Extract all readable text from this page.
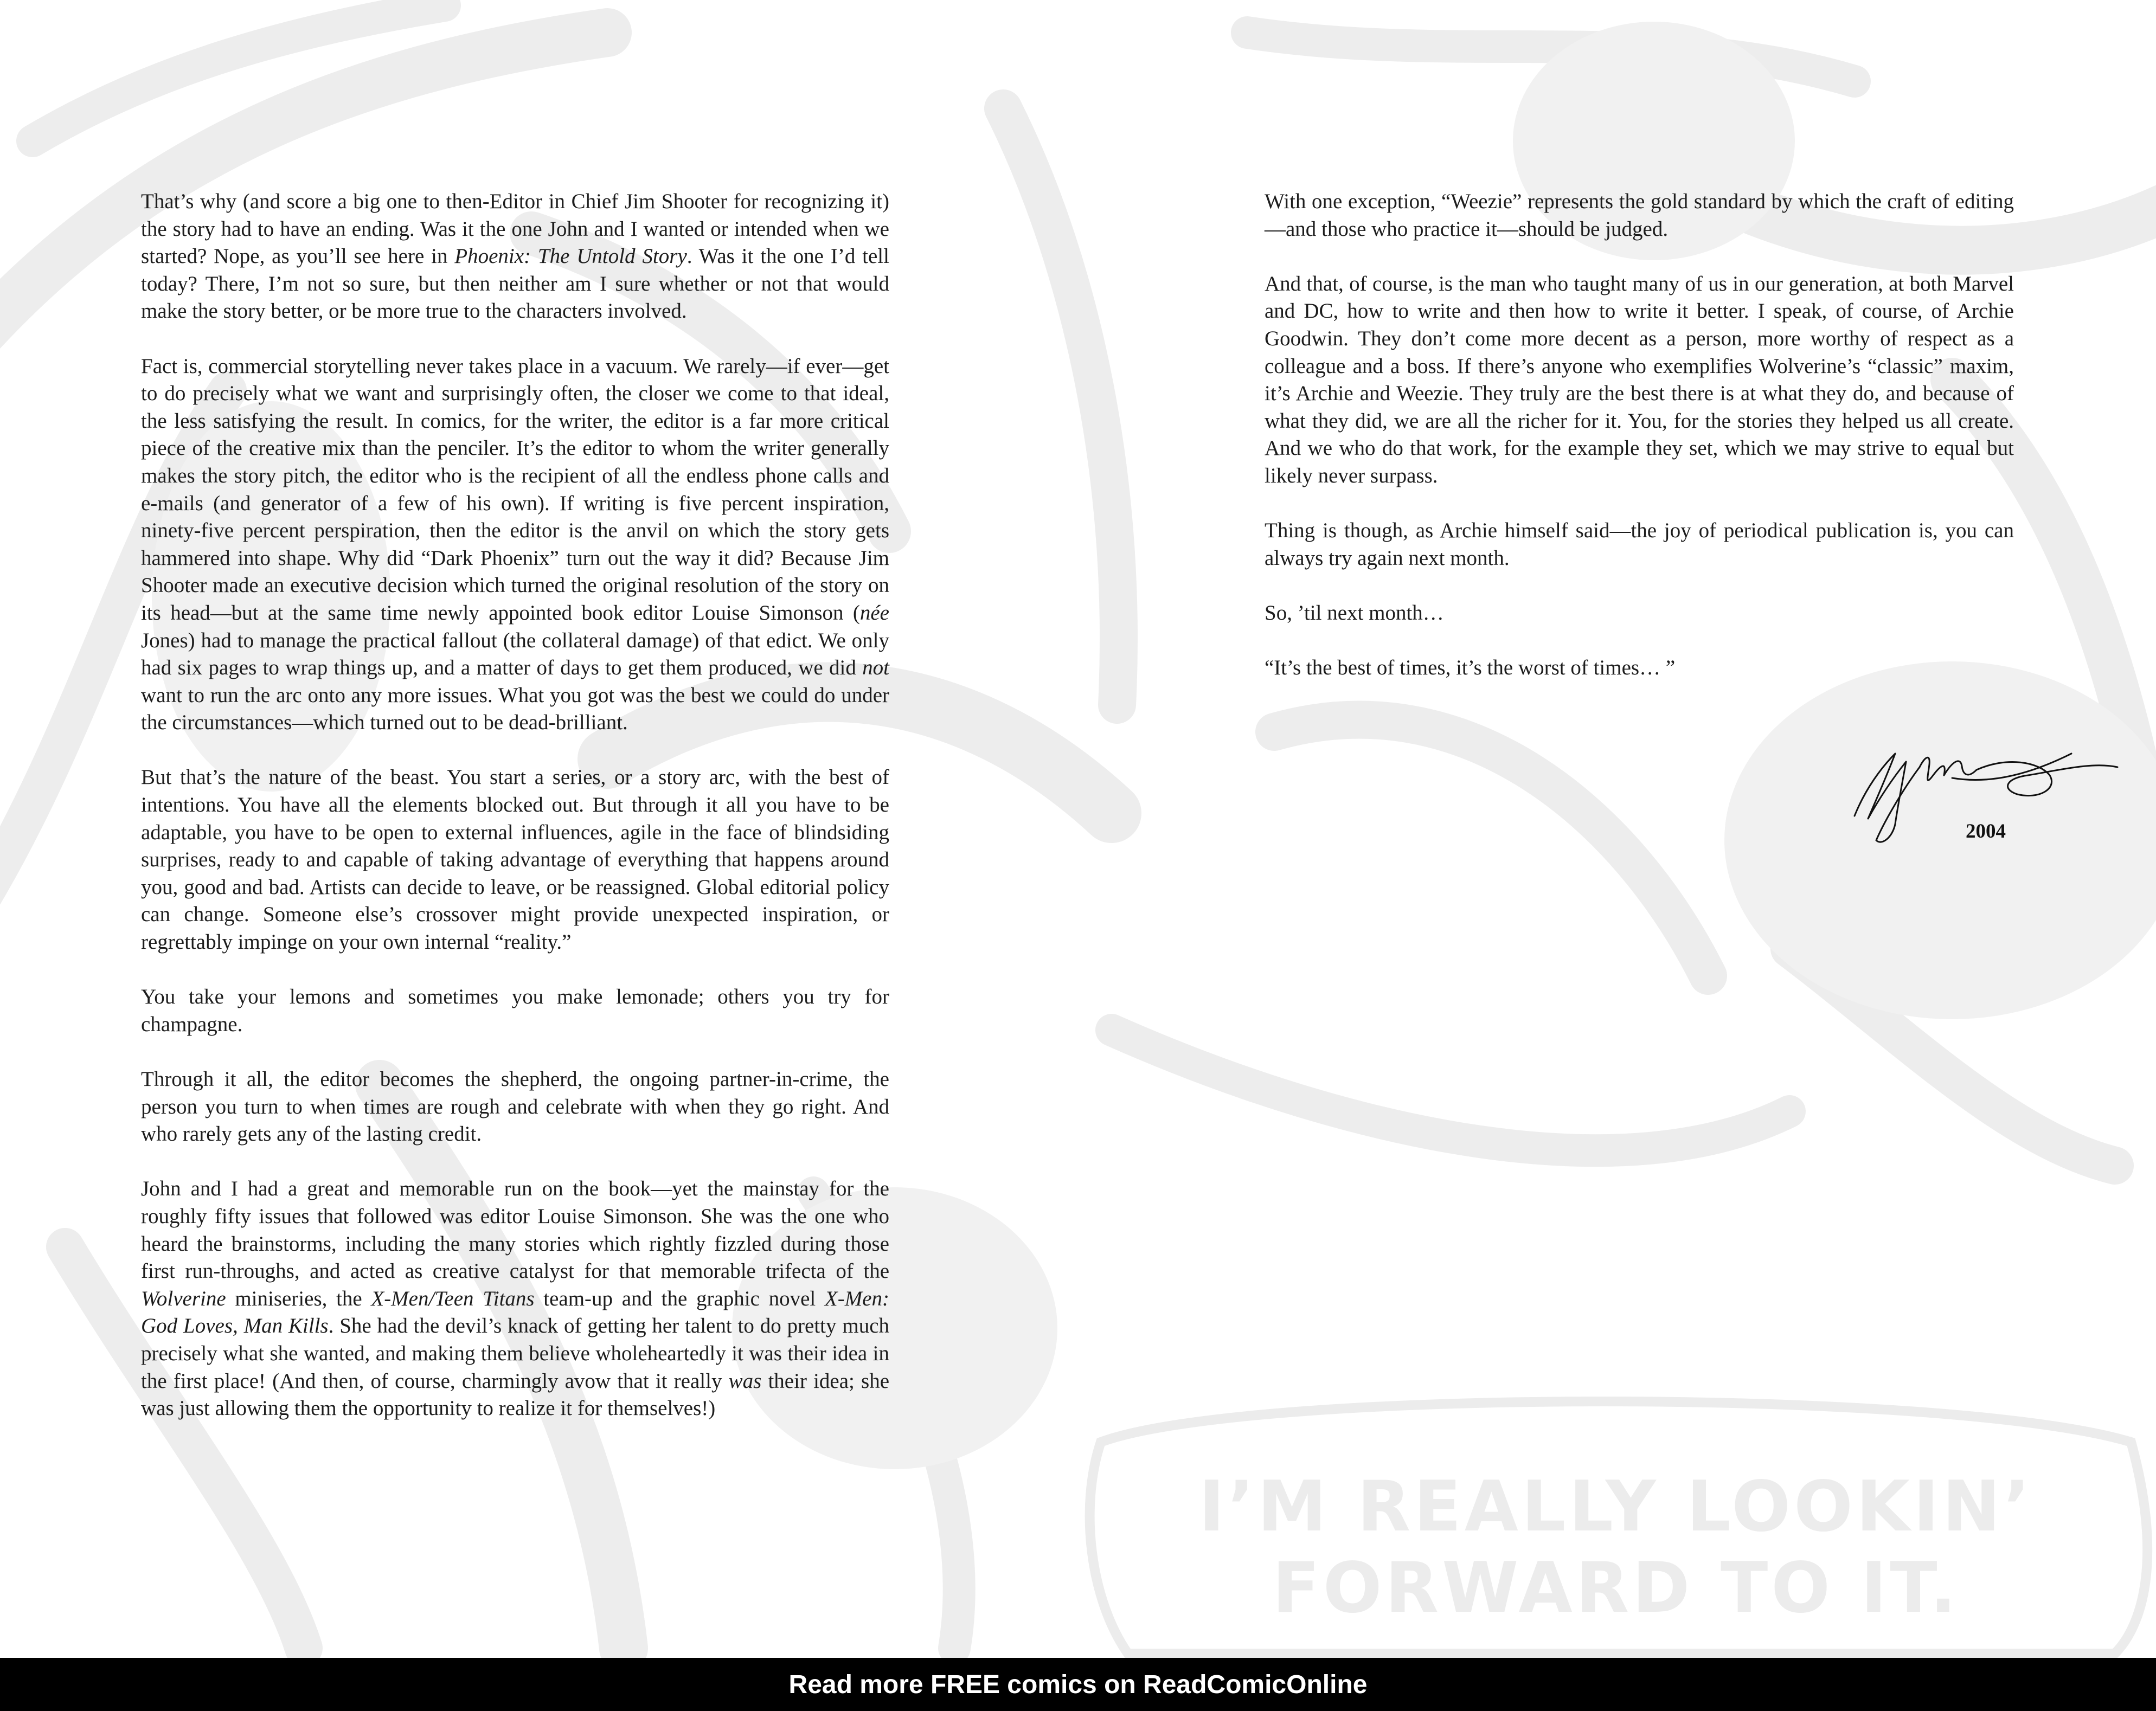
I’M REALLY LOOKIN’
FORWARD TO IT.

That’s why (and score a big one to then-Editor in Chief Jim Shooter for recognizing it) the story had to have an ending. Was it the one John and I wanted or intended when we started? Nope, as you’ll see here in Phoenix: The Untold Story. Was it the one I’d tell today? There, I’m not so sure, but then neither am I sure whether or not that would make the story better, or be more true to the characters involved.

Fact is, commercial storytelling never takes place in a vacuum. We rarely—if ever—get to do precisely what we want and surprisingly often, the closer we come to that ideal, the less satisfying the result. In comics, for the writer, the editor is a far more critical piece of the creative mix than the penciler. It’s the editor to whom the writer generally makes the story pitch, the editor who is the recipient of all the endless phone calls and e-mails (and generator of a few of his own). If writing is five percent inspiration, ninety-five percent perspiration, then the editor is the anvil on which the story gets hammered into shape. Why did “Dark Phoenix” turn out the way it did? Because Jim Shooter made an executive decision which turned the original resolution of the story on its head—but at the same time newly appointed book editor Louise Simonson (née Jones) had to manage the practical fallout (the collateral damage) of that edict. We only had six pages to wrap things up, and a matter of days to get them produced, we did not want to run the arc onto any more issues. What you got was the best we could do under the circumstances—which turned out to be dead-brilliant.

But that’s the nature of the beast. You start a series, or a story arc, with the best of intentions. You have all the elements blocked out. But through it all you have to be adaptable, you have to be open to external influences, agile in the face of blindsiding surprises, ready to and capable of taking advantage of everything that happens around you, good and bad. Artists can decide to leave, or be reassigned. Global editorial policy can change. Someone else’s crossover might provide unexpected inspiration, or regrettably impinge on your own internal “reality.”

You take your lemons and sometimes you make lemonade; others you try for champagne.

Through it all, the editor becomes the shepherd, the ongoing partner-in-crime, the person you turn to when times are rough and celebrate with when they go right. And who rarely gets any of the lasting credit.

John and I had a great and memorable run on the book—yet the mainstay for the roughly fifty issues that followed was editor Louise Simonson. She was the one who heard the brainstorms, including the many stories which rightly fizzled during those first run-throughs, and acted as creative catalyst for that memorable trifecta of the Wolverine miniseries, the X-Men/Teen Titans team-up and the graphic novel X-Men: God Loves, Man Kills. She had the devil’s knack of getting her talent to do pretty much precisely what she wanted, and making them believe wholeheartedly it was their idea in the first place! (And then, of course, charmingly avow that it really was their idea; she was just allowing them the opportunity to realize it for themselves!)

With one exception, “Weezie” represents the gold standard by which the craft of editing—and those who practice it—should be judged.

And that, of course, is the man who taught many of us in our generation, at both Marvel and DC, how to write and then how to write it better. I speak, of course, of Archie Goodwin. They don’t come more decent as a person, more worthy of respect as a colleague and a boss. If there’s anyone who exemplifies Wolverine’s “classic” maxim, it’s Archie and Weezie. They truly are the best there is at what they do, and because of what they did, we are all the richer for it. You, for the stories they helped us all create. And we who do that work, for the example they set, which we may strive to equal but likely never surpass.

Thing is though, as Archie himself said—the joy of periodical publication is, you can always try again next month.

So, ’til next month…

“It’s the best of times, it’s the worst of times… ”

2004
Read more FREE comics on ReadComicOnline
